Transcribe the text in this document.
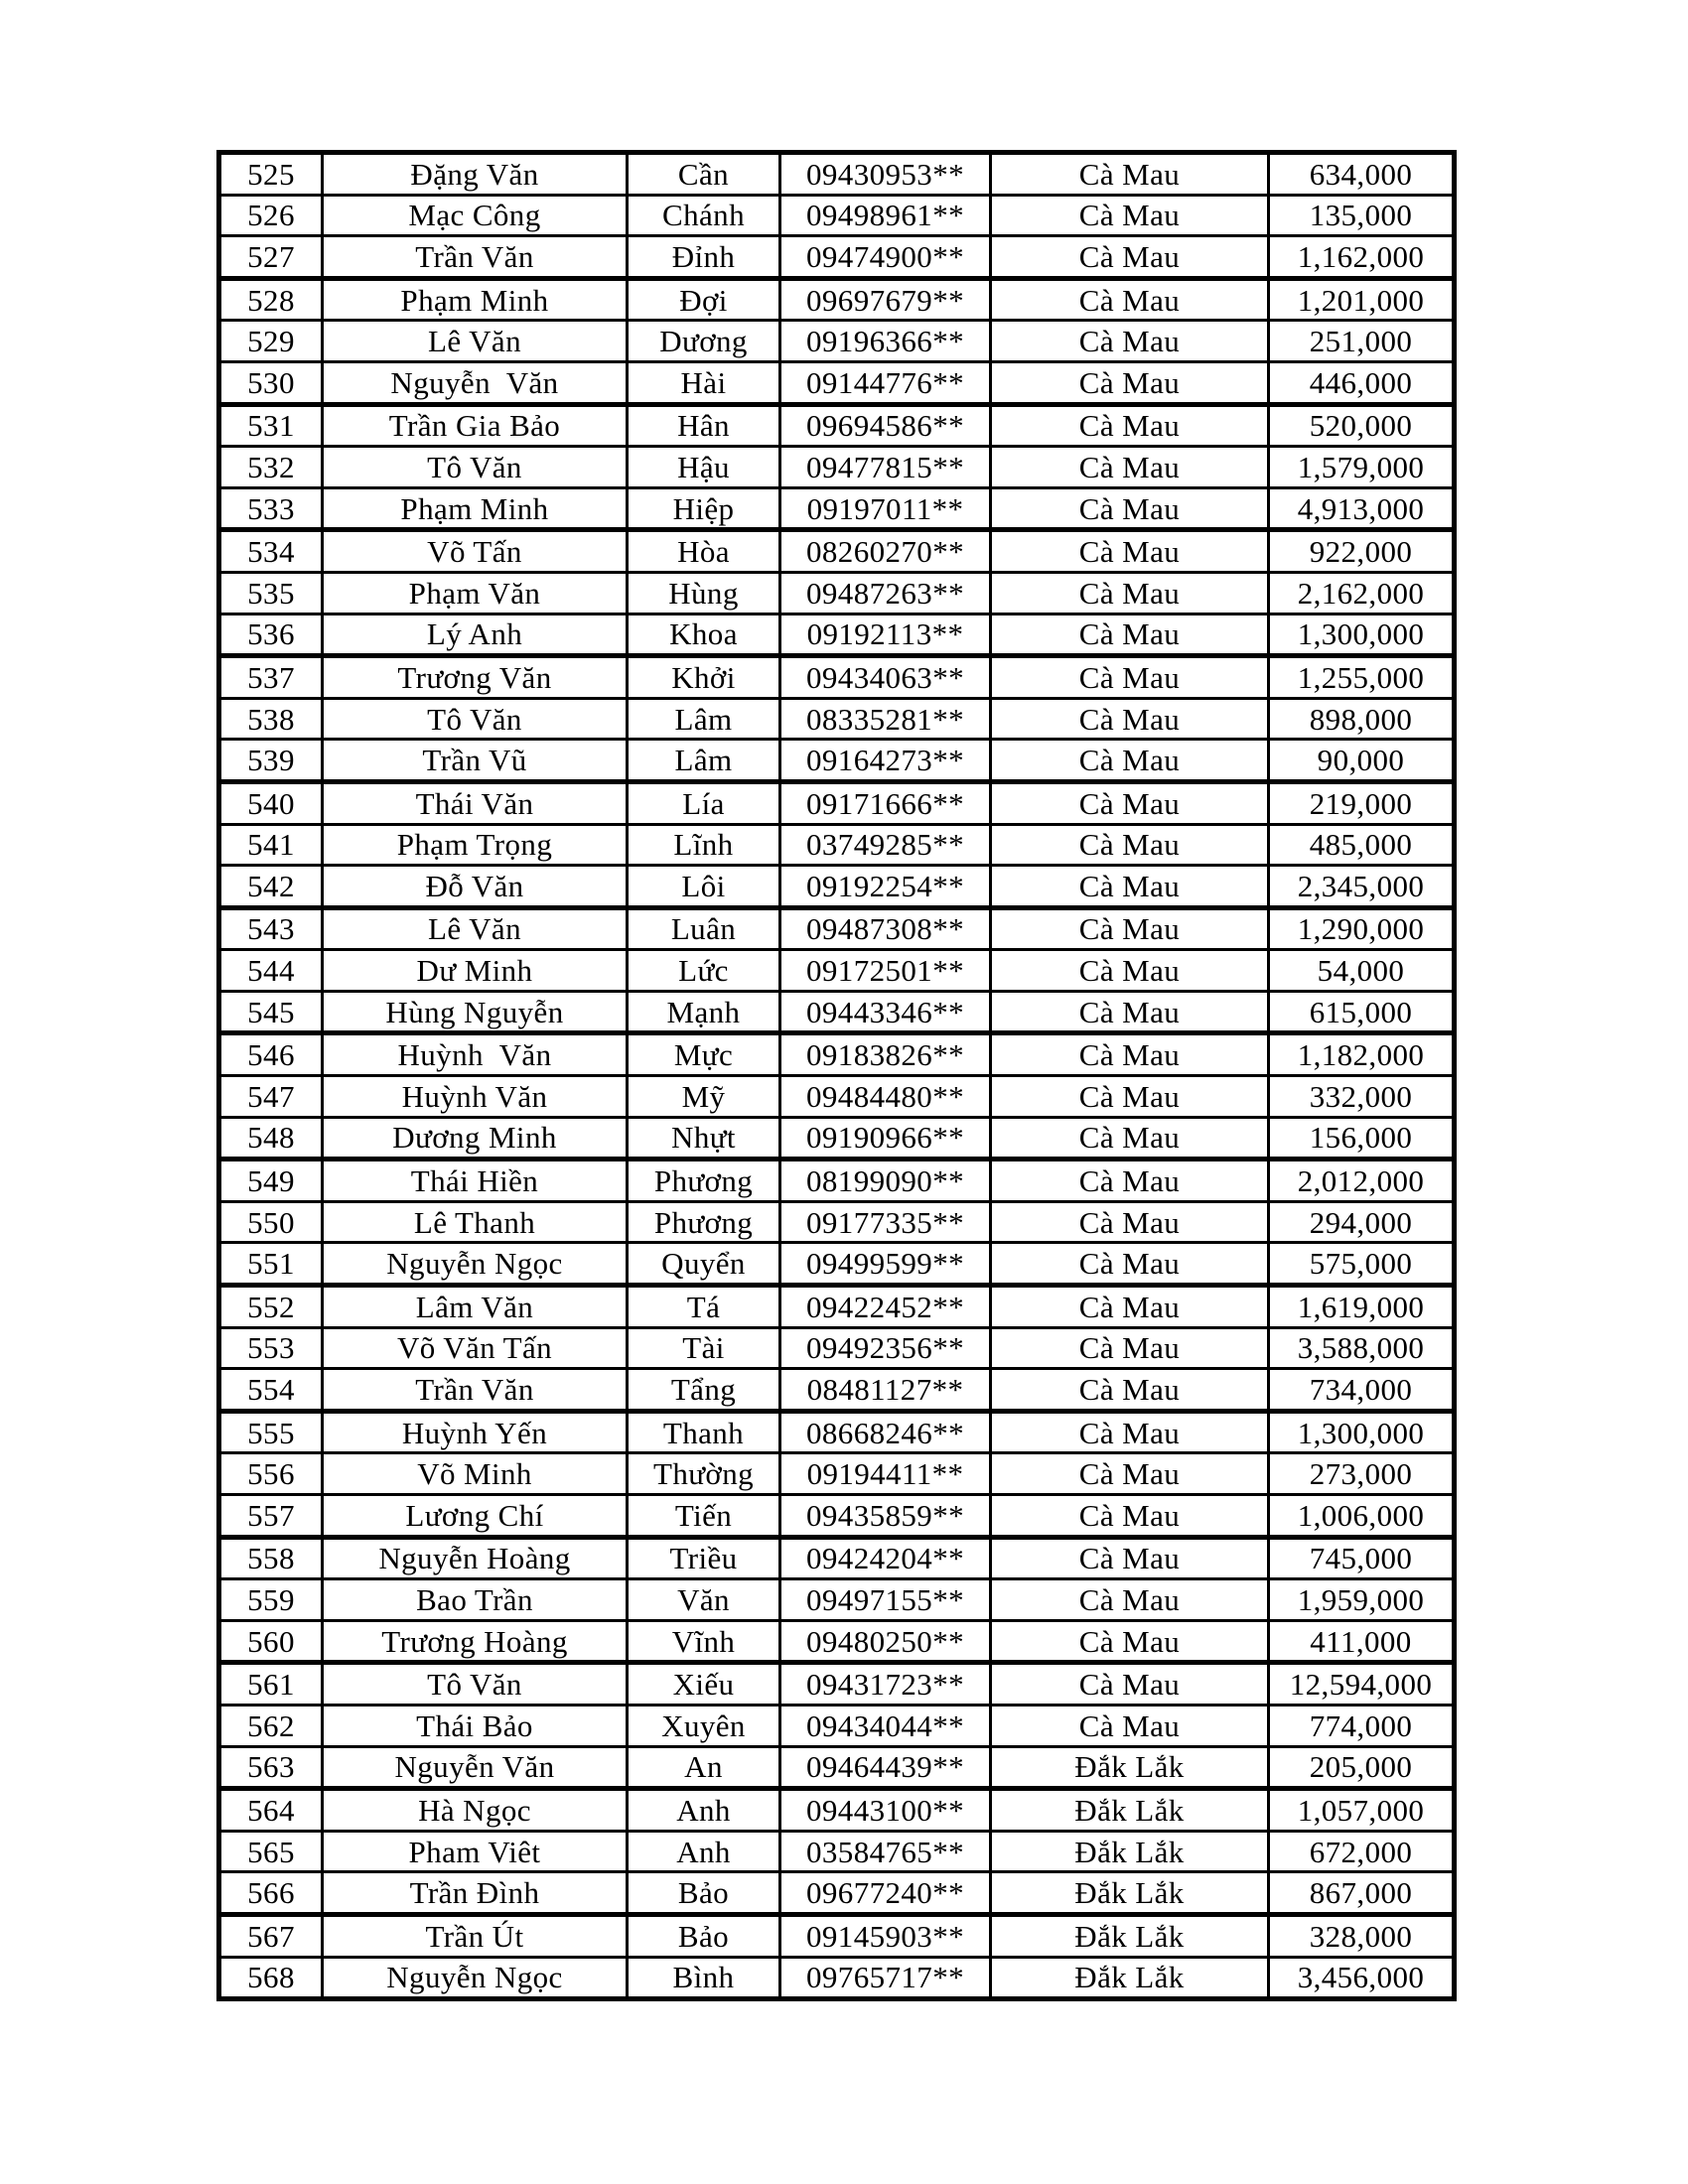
525	Đặng Văn	Cần	09430953**	Cà Mau	634,000
526	Mạc Công	Chánh	09498961**	Cà Mau	135,000
527	Trần Văn	Đỉnh	09474900**	Cà Mau	1,162,000
528	Phạm Minh	Đợi	09697679**	Cà Mau	1,201,000
529	Lê Văn	Dương	09196366**	Cà Mau	251,000
530	Nguyễn  Văn	Hài	09144776**	Cà Mau	446,000
531	Trần Gia Bảo	Hân	09694586**	Cà Mau	520,000
532	Tô Văn	Hậu	09477815**	Cà Mau	1,579,000
533	Phạm Minh	Hiệp	09197011**	Cà Mau	4,913,000
534	Võ Tấn	Hòa	08260270**	Cà Mau	922,000
535	Phạm Văn	Hùng	09487263**	Cà Mau	2,162,000
536	Lý Anh	Khoa	09192113**	Cà Mau	1,300,000
537	Trương Văn	Khởi	09434063**	Cà Mau	1,255,000
538	Tô Văn	Lâm	08335281**	Cà Mau	898,000
539	Trần Vũ	Lâm	09164273**	Cà Mau	90,000
540	Thái Văn	Lía	09171666**	Cà Mau	219,000
541	Phạm Trọng	Lĩnh	03749285**	Cà Mau	485,000
542	Đỗ Văn	Lôi	09192254**	Cà Mau	2,345,000
543	Lê Văn	Luân	09487308**	Cà Mau	1,290,000
544	Dư Minh	Lức	09172501**	Cà Mau	54,000
545	Hùng Nguyễn	Mạnh	09443346**	Cà Mau	615,000
546	Huỳnh  Văn	Mực	09183826**	Cà Mau	1,182,000
547	Huỳnh Văn	Mỹ	09484480**	Cà Mau	332,000
548	Dương Minh	Nhựt	09190966**	Cà Mau	156,000
549	Thái Hiền	Phương	08199090**	Cà Mau	2,012,000
550	Lê Thanh	Phương	09177335**	Cà Mau	294,000
551	Nguyễn Ngọc	Quyển	09499599**	Cà Mau	575,000
552	Lâm Văn	Tá	09422452**	Cà Mau	1,619,000
553	Võ Văn Tấn	Tài	09492356**	Cà Mau	3,588,000
554	Trần Văn	Tẩng	08481127**	Cà Mau	734,000
555	Huỳnh Yến	Thanh	08668246**	Cà Mau	1,300,000
556	Võ Minh	Thường	09194411**	Cà Mau	273,000
557	Lương Chí	Tiến	09435859**	Cà Mau	1,006,000
558	Nguyễn Hoàng	Triều	09424204**	Cà Mau	745,000
559	Bao Trần	Văn	09497155**	Cà Mau	1,959,000
560	Trương Hoàng	Vĩnh	09480250**	Cà Mau	411,000
561	Tô Văn	Xiếu	09431723**	Cà Mau	12,594,000
562	Thái Bảo	Xuyên	09434044**	Cà Mau	774,000
563	Nguyễn Văn	An	09464439**	Đắk Lắk	205,000
564	Hà Ngọc	Anh	09443100**	Đắk Lắk	1,057,000
565	Pham Viêt	Anh	03584765**	Đắk Lắk	672,000
566	Trần Đình	Bảo	09677240**	Đắk Lắk	867,000
567	Trần Út	Bảo	09145903**	Đắk Lắk	328,000
568	Nguyễn Ngọc	Bình	09765717**	Đắk Lắk	3,456,000
